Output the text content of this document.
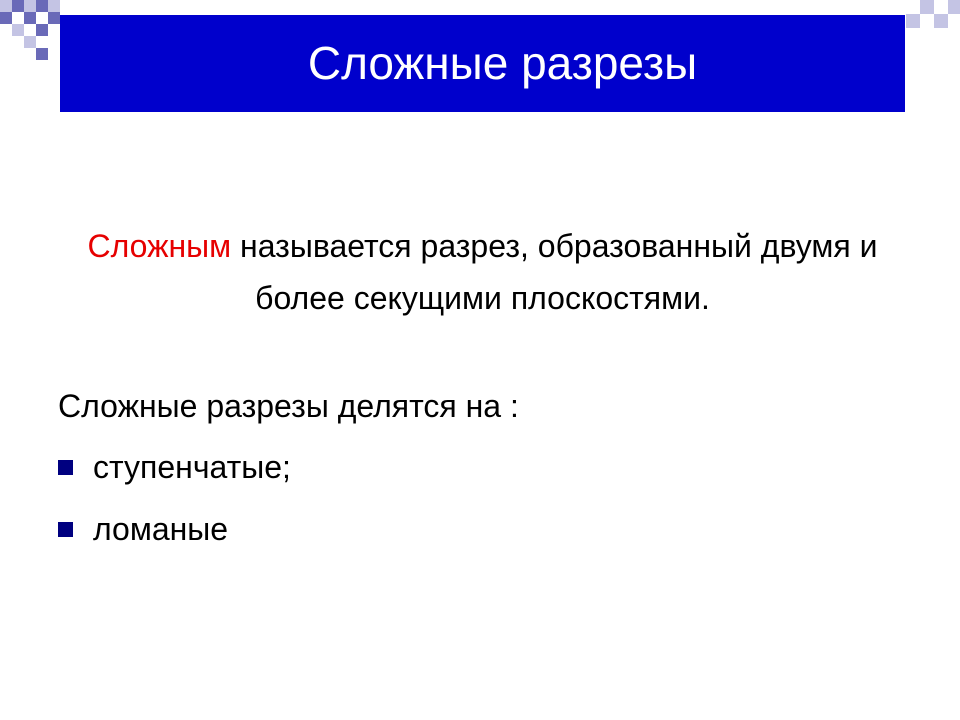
Сложные разрезы

Сложным называется разрез, образованный двумя и более секущими плоскостями.

Сложные разрезы делятся на :

ступенчатые;
ломаные
